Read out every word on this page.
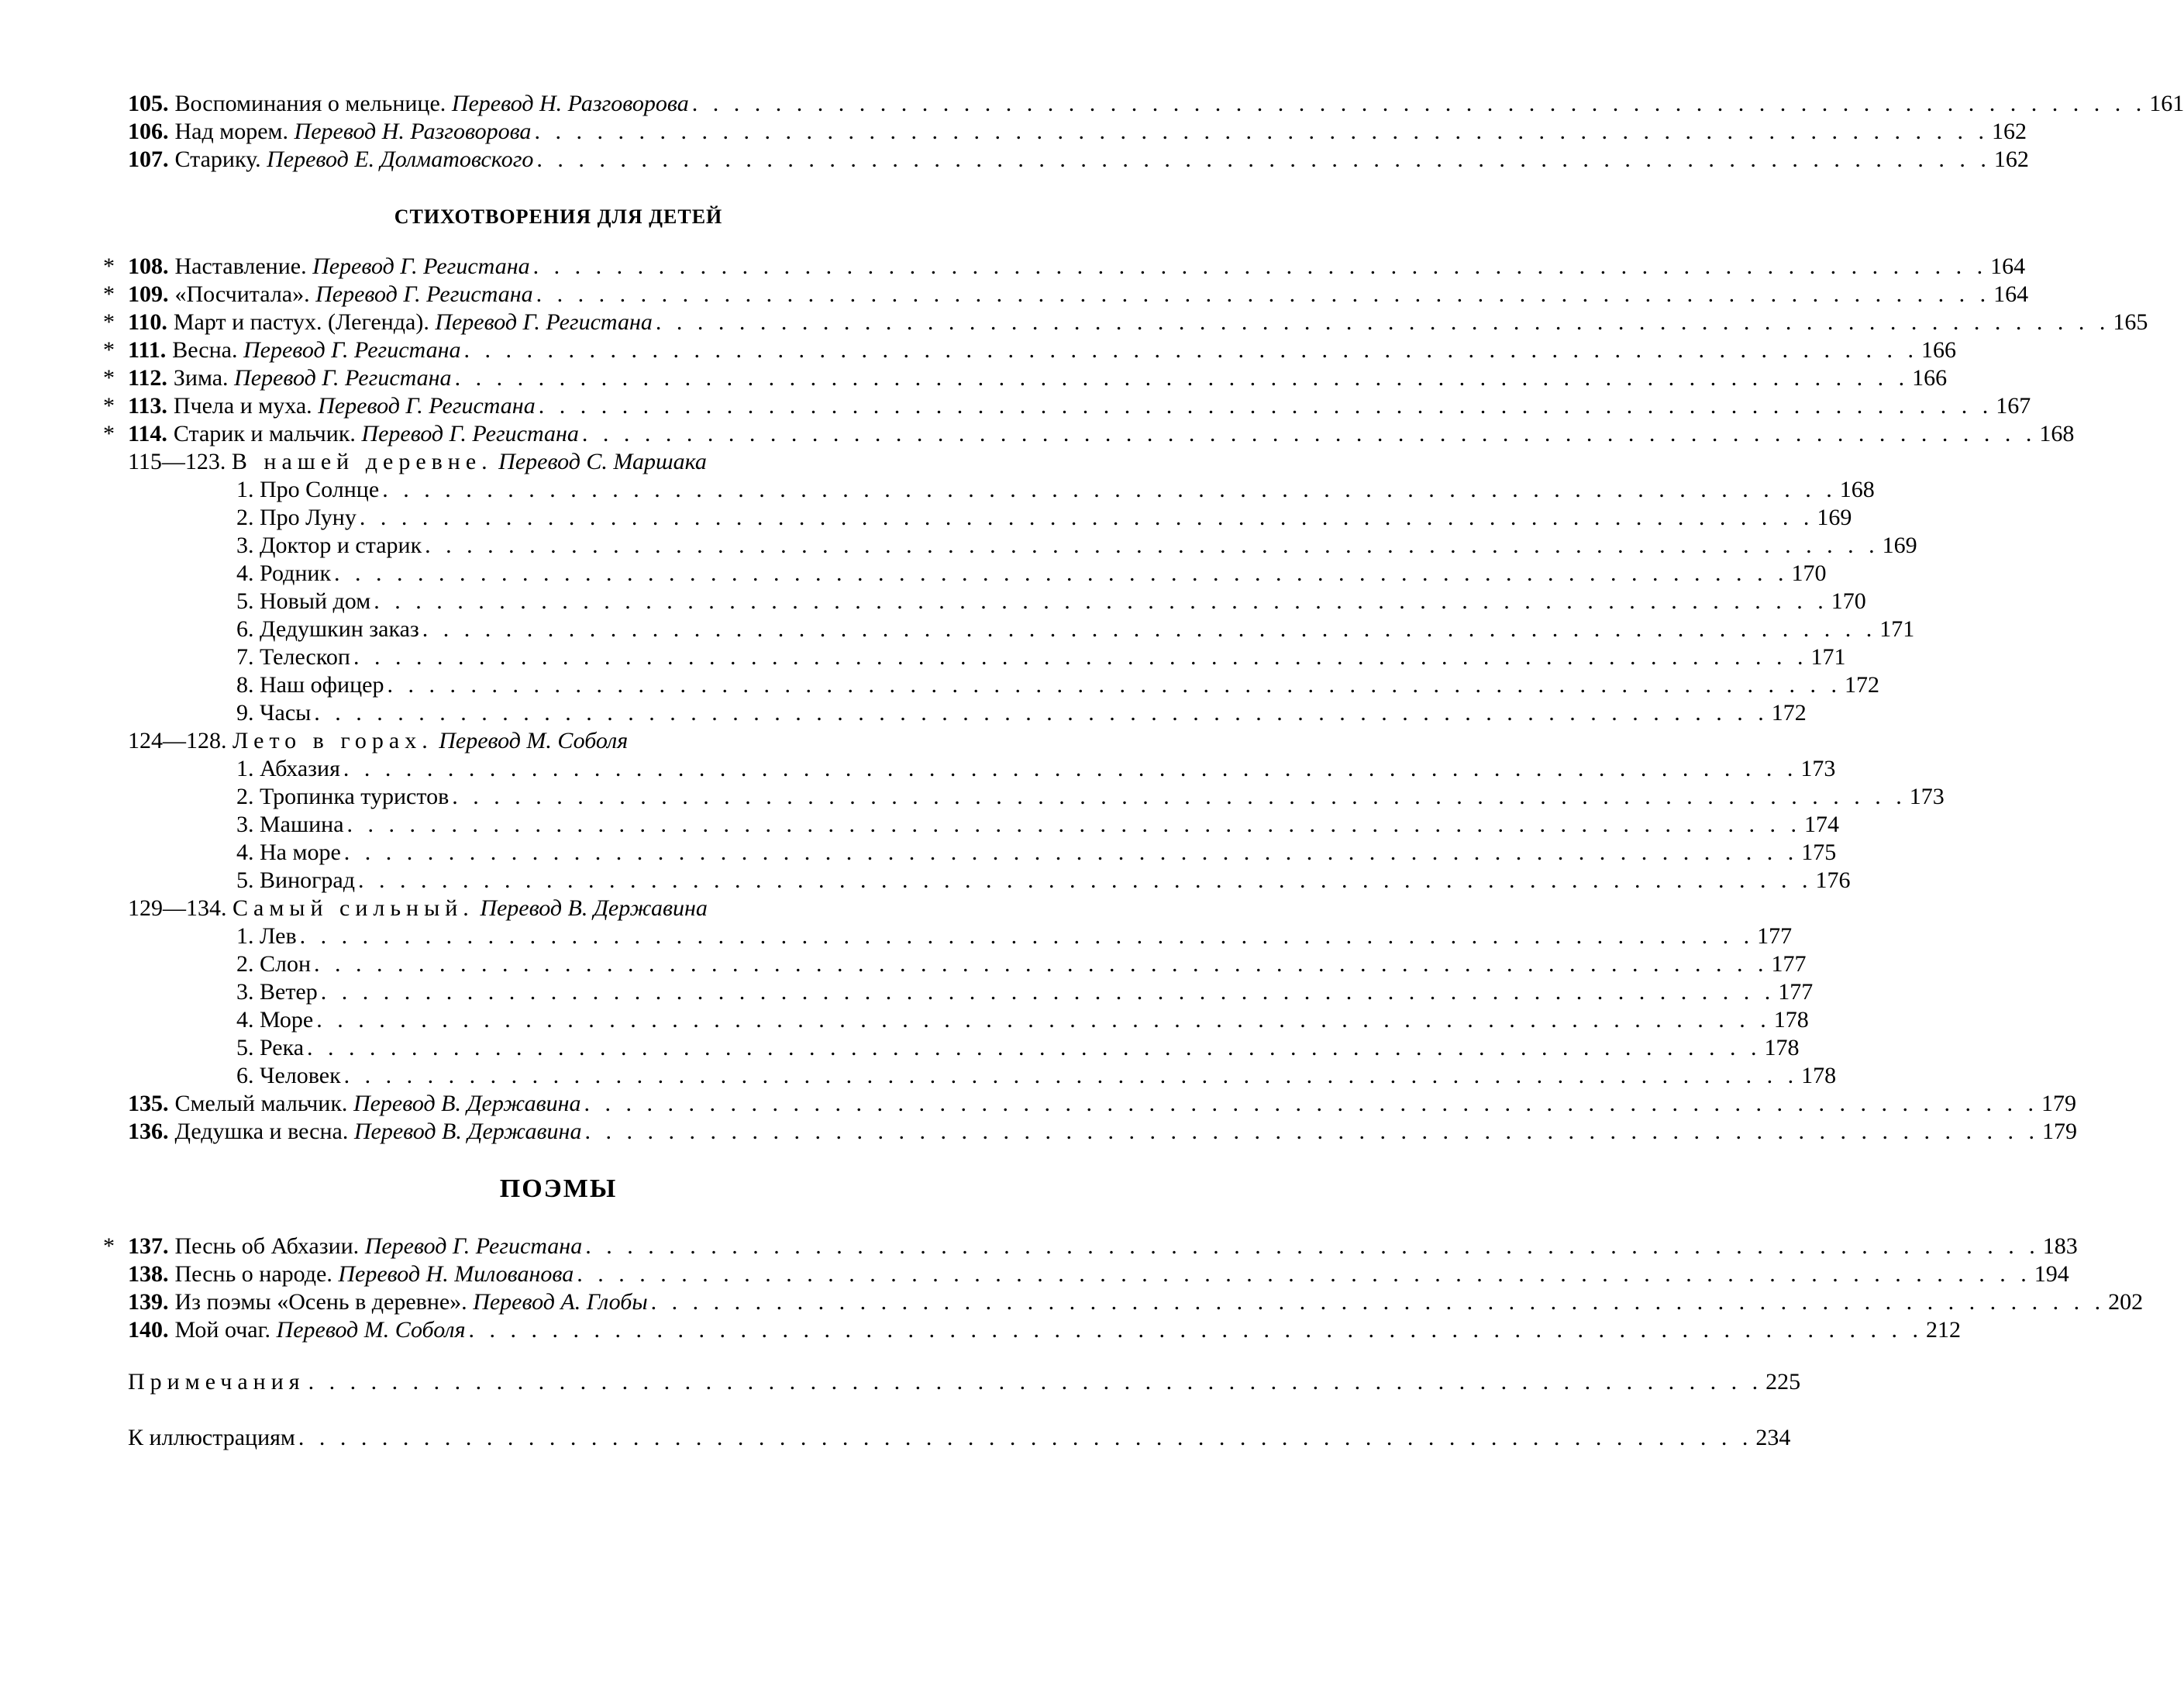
105. Воспоминания о мельнице. Перевод Н. Разговорова . . . . . . . . . . . . . . . . . . . . . . . . . . . . . . . . . . . . . . . . . . . . . . . . . . . . . . . . . . . . . . . . . . . . . . 161
106. Над морем. Перевод Н. Разговорова . . . . . . . . . . . . . . . . . . . . . . . . . . . . . . . . . . . . . . . . . . . . . . . . . . . . . . . . . . . . . . . . . . . . . . 162
107. Старику. Перевод Е. Долматовского . . . . . . . . . . . . . . . . . . . . . . . . . . . . . . . . . . . . . . . . . . . . . . . . . . . . . . . . . . . . . . . . . . . . . . 162
СТИХОТВОРЕНИЯ ДЛЯ ДЕТЕЙ
* 108. Наставление. Перевод Г. Регистана . . . . . . . . . . . . . . . . . . . . . . . . . . . . . . . . . . . . . . . . . . . . . . . . . . . . . . . . . . . . . . . . . . . . . . 164
* 109. «Посчитала». Перевод Г. Регистана . . . . . . . . . . . . . . . . . . . . . . . . . . . . . . . . . . . . . . . . . . . . . . . . . . . . . . . . . . . . . . . . . . . . . . 164
* 110. Март и пастух. (Легенда). Перевод Г. Регистана . . . . . . . . . . . . . . . . . . . . . . . . . . . . . . . . . . . . . . . . . . . . . . . . . . . . . . . . . . . . . . . . . . . . . . 165
* 111. Весна. Перевод Г. Регистана . . . . . . . . . . . . . . . . . . . . . . . . . . . . . . . . . . . . . . . . . . . . . . . . . . . . . . . . . . . . . . . . . . . . . . 166
* 112. Зима. Перевод Г. Регистана . . . . . . . . . . . . . . . . . . . . . . . . . . . . . . . . . . . . . . . . . . . . . . . . . . . . . . . . . . . . . . . . . . . . . . 166
* 113. Пчела и муха. Перевод Г. Регистана . . . . . . . . . . . . . . . . . . . . . . . . . . . . . . . . . . . . . . . . . . . . . . . . . . . . . . . . . . . . . . . . . . . . . . 167
* 114. Старик и мальчик. Перевод Г. Регистана . . . . . . . . . . . . . . . . . . . . . . . . . . . . . . . . . . . . . . . . . . . . . . . . . . . . . . . . . . . . . . . . . . . . . . 168
115—123. В нашей деревне. Перевод С. Маршака
1. Про Солнце . . . . . . . . . . . . . . . . . . . . . . . . . . . . . . . . . . . . . . . . . . . . . . . . . . . . . . . . . . . . . . . . . . . . . . 168
2. Про Луну . . . . . . . . . . . . . . . . . . . . . . . . . . . . . . . . . . . . . . . . . . . . . . . . . . . . . . . . . . . . . . . . . . . . . . 169
3. Доктор и старик . . . . . . . . . . . . . . . . . . . . . . . . . . . . . . . . . . . . . . . . . . . . . . . . . . . . . . . . . . . . . . . . . . . . . . 169
4. Родник . . . . . . . . . . . . . . . . . . . . . . . . . . . . . . . . . . . . . . . . . . . . . . . . . . . . . . . . . . . . . . . . . . . . . . 170
5. Новый дом . . . . . . . . . . . . . . . . . . . . . . . . . . . . . . . . . . . . . . . . . . . . . . . . . . . . . . . . . . . . . . . . . . . . . . 170
6. Дедушкин заказ . . . . . . . . . . . . . . . . . . . . . . . . . . . . . . . . . . . . . . . . . . . . . . . . . . . . . . . . . . . . . . . . . . . . . . 171
7. Телескоп . . . . . . . . . . . . . . . . . . . . . . . . . . . . . . . . . . . . . . . . . . . . . . . . . . . . . . . . . . . . . . . . . . . . . . 171
8. Наш офицер . . . . . . . . . . . . . . . . . . . . . . . . . . . . . . . . . . . . . . . . . . . . . . . . . . . . . . . . . . . . . . . . . . . . . . 172
9. Часы . . . . . . . . . . . . . . . . . . . . . . . . . . . . . . . . . . . . . . . . . . . . . . . . . . . . . . . . . . . . . . . . . . . . . . 172
124—128. Лето в горах. Перевод М. Соболя
1. Абхазия . . . . . . . . . . . . . . . . . . . . . . . . . . . . . . . . . . . . . . . . . . . . . . . . . . . . . . . . . . . . . . . . . . . . . . 173
2. Тропинка туристов . . . . . . . . . . . . . . . . . . . . . . . . . . . . . . . . . . . . . . . . . . . . . . . . . . . . . . . . . . . . . . . . . . . . . . 173
3. Машина . . . . . . . . . . . . . . . . . . . . . . . . . . . . . . . . . . . . . . . . . . . . . . . . . . . . . . . . . . . . . . . . . . . . . . 174
4. На море . . . . . . . . . . . . . . . . . . . . . . . . . . . . . . . . . . . . . . . . . . . . . . . . . . . . . . . . . . . . . . . . . . . . . . 175
5. Виноград . . . . . . . . . . . . . . . . . . . . . . . . . . . . . . . . . . . . . . . . . . . . . . . . . . . . . . . . . . . . . . . . . . . . . . 176
129—134. Самый сильный. Перевод В. Державина
1. Лев . . . . . . . . . . . . . . . . . . . . . . . . . . . . . . . . . . . . . . . . . . . . . . . . . . . . . . . . . . . . . . . . . . . . . . 177
2. Слон . . . . . . . . . . . . . . . . . . . . . . . . . . . . . . . . . . . . . . . . . . . . . . . . . . . . . . . . . . . . . . . . . . . . . . 177
3. Ветер . . . . . . . . . . . . . . . . . . . . . . . . . . . . . . . . . . . . . . . . . . . . . . . . . . . . . . . . . . . . . . . . . . . . . . 177
4. Море . . . . . . . . . . . . . . . . . . . . . . . . . . . . . . . . . . . . . . . . . . . . . . . . . . . . . . . . . . . . . . . . . . . . . . 178
5. Река . . . . . . . . . . . . . . . . . . . . . . . . . . . . . . . . . . . . . . . . . . . . . . . . . . . . . . . . . . . . . . . . . . . . . . 178
6. Человек . . . . . . . . . . . . . . . . . . . . . . . . . . . . . . . . . . . . . . . . . . . . . . . . . . . . . . . . . . . . . . . . . . . . . . 178
135. Смелый мальчик. Перевод В. Державина . . . . . . . . . . . . . . . . . . . . . . . . . . . . . . . . . . . . . . . . . . . . . . . . . . . . . . . . . . . . . . . . . . . . . . 179
136. Дедушка и весна. Перевод В. Державина . . . . . . . . . . . . . . . . . . . . . . . . . . . . . . . . . . . . . . . . . . . . . . . . . . . . . . . . . . . . . . . . . . . . . . 179
ПОЭМЫ
* 137. Песнь об Абхазии. Перевод Г. Регистана . . . . . . . . . . . . . . . . . . . . . . . . . . . . . . . . . . . . . . . . . . . . . . . . . . . . . . . . . . . . . . . . . . . . . . 183
138. Песнь о народе. Перевод Н. Милованова . . . . . . . . . . . . . . . . . . . . . . . . . . . . . . . . . . . . . . . . . . . . . . . . . . . . . . . . . . . . . . . . . . . . . . 194
139. Из поэмы «Осень в деревне». Перевод А. Глобы . . . . . . . . . . . . . . . . . . . . . . . . . . . . . . . . . . . . . . . . . . . . . . . . . . . . . . . . . . . . . . . . . . . . . . 202
140. Мой очаг. Перевод М. Соболя . . . . . . . . . . . . . . . . . . . . . . . . . . . . . . . . . . . . . . . . . . . . . . . . . . . . . . . . . . . . . . . . . . . . . . 212
Примечания . . . . . . . . . . . . . . . . . . . . . . . . . . . . . . . . . . . . . . . . . . . . . . . . . . . . . . . . . . . . . . . . . . . . . . 225
К иллюстрациям . . . . . . . . . . . . . . . . . . . . . . . . . . . . . . . . . . . . . . . . . . . . . . . . . . . . . . . . . . . . . . . . . . . . . . 234
